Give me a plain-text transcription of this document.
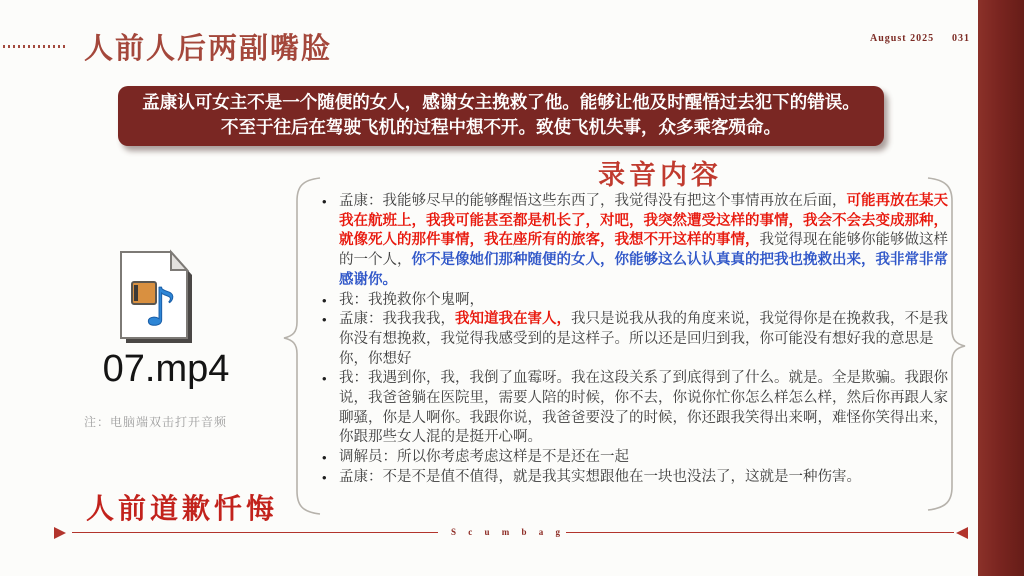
人前人后两副嘴脸	August 2025 031
孟康认可女主不是一个随便的女人，感谢女主挽救了他。能够让他及时醒悟过去犯下的错误。不至于往后在驾驶飞机的过程中想不开。致使飞机失事，众多乘客殒命。
录音内容
• 孟康：我能够尽早的能够醒悟这些东西了，我觉得没有把这个事情再放在后面，可能再放在某天我在航班上，我我可能甚至都是机长了，对吧，我突然遭受这样的事情，我会不会去变成那种，就像死人的那件事情，我在座所有的旅客，我想不开这样的事情，我觉得现在能够你能够做这样的一个人，你不是像她们那种随便的女人，你能够这么认认真真的把我也挽救出来，我非常非常感谢你。
• 我：我挽救你个鬼啊，
• 孟康：我我我我，我知道我在害人，我只是说我从我的角度来说，我觉得你是在挽救我，不是我你没有想挽救，我觉得我感受到的是这样子。所以还是回归到我，你可能没有想好我的意思是你，你想好
• 我：我遇到你，我，我倒了血霉呀。我在这段关系了到底得到了什么。就是。全是欺骗。我跟你说，我爸爸躺在医院里，需要人陪的时候，你不去，你说你忙你怎么样怎么样，然后你再跟人家聊骚，你是人啊你。我跟你说，我爸爸要没了的时候，你还跟我笑得出来啊，难怪你笑得出来，你跟那些女人混的是挺开心啊。
• 调解员：所以你考虑考虑这样是不是还在一起
• 孟康：不是不是值不值得，就是我其实想跟他在一块也没法了，这就是一种伤害。
♪
07.mp4
注：电脑端双击打开音频
人前道歉忏悔
S c u m b a g
